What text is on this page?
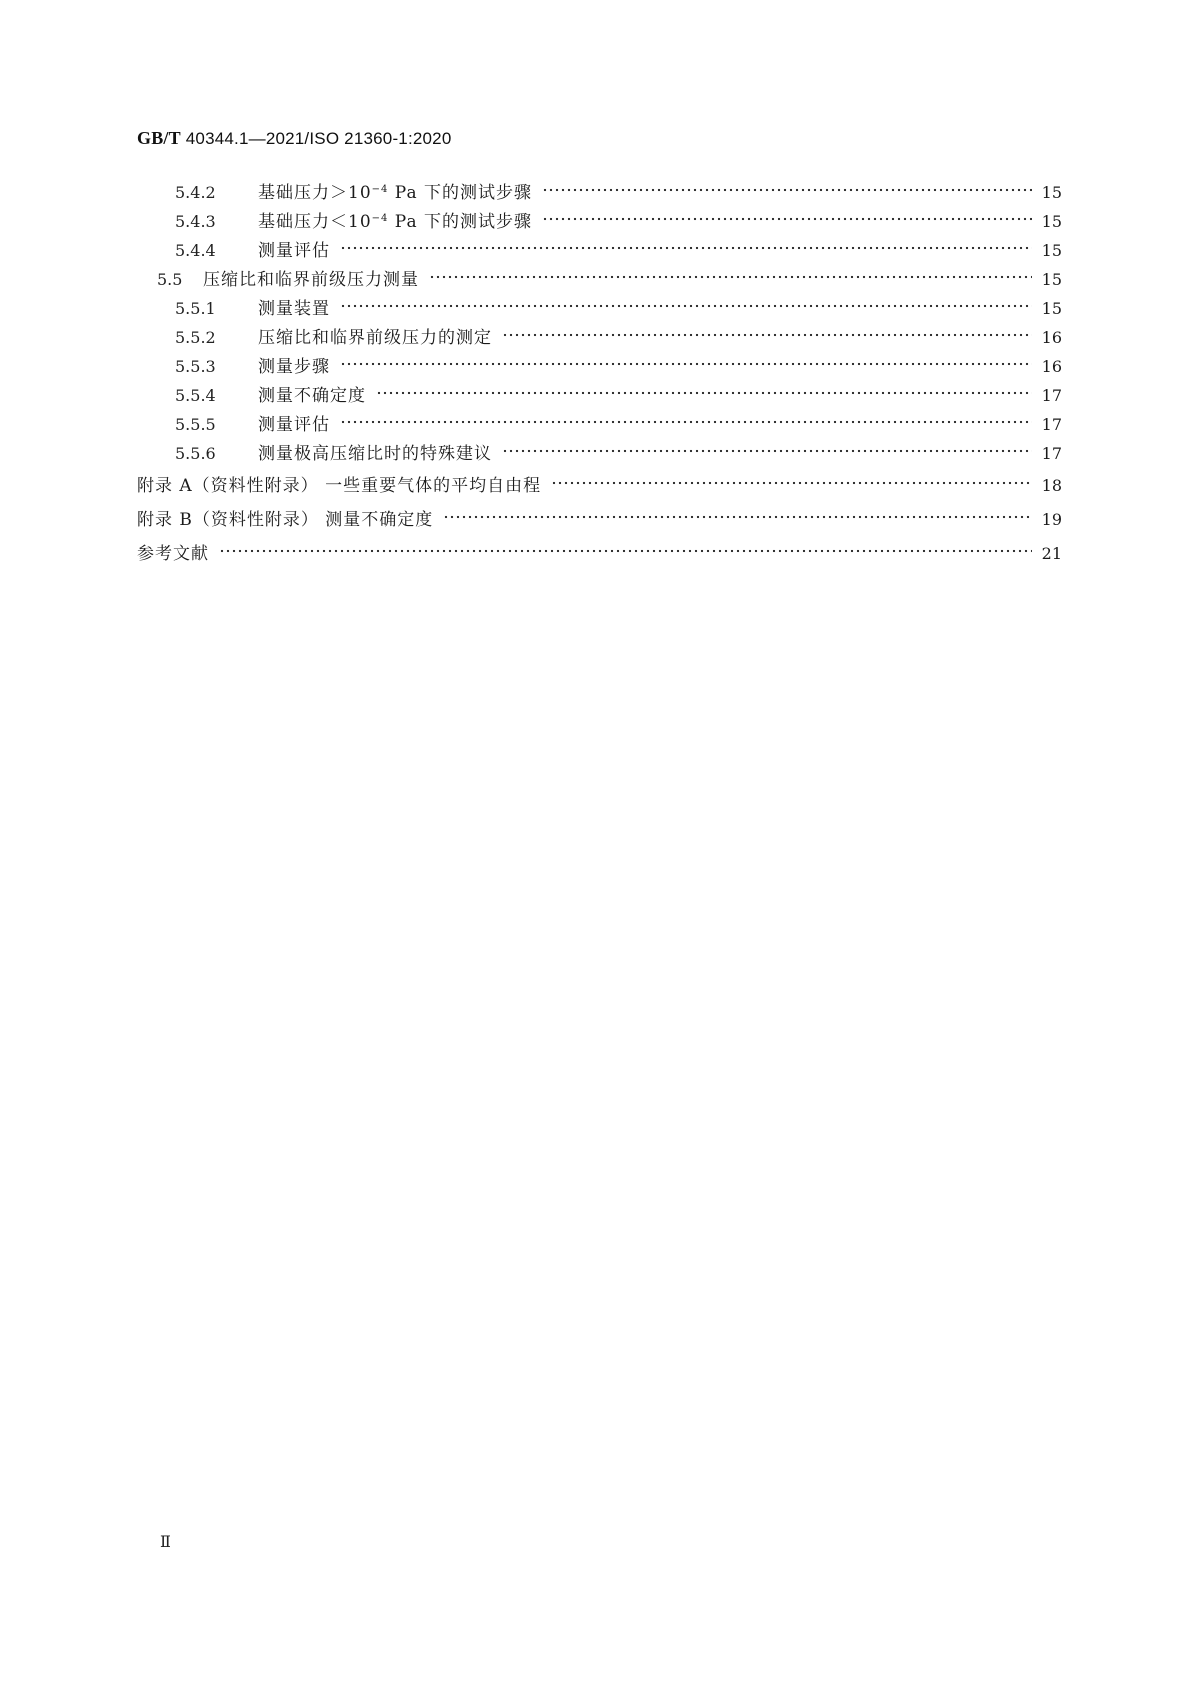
GB/T 40344.1—2021/ISO 21360-1:2020
5.4.2	基础压力$>10^{-4}$ Pa 下的测试步骤	15
5.4.3	基础压力$<10^{-4}$ Pa 下的测试步骤	15
5.4.4	测量评估	15
5.5	压缩比和临界前级压力测量	15
5.5.1	测量装置	15
5.5.2	压缩比和临界前级压力的测定	16
5.5.3	测量步骤	16
5.5.4	测量不确定度	17
5.5.5	测量评估	17
5.5.6	测量极高压缩比时的特殊建议	17
附录 A（资料性附录） 一些重要气体的平均自由程	18
附录 B（资料性附录） 测量不确定度	19
参考文献	21
Ⅱ
